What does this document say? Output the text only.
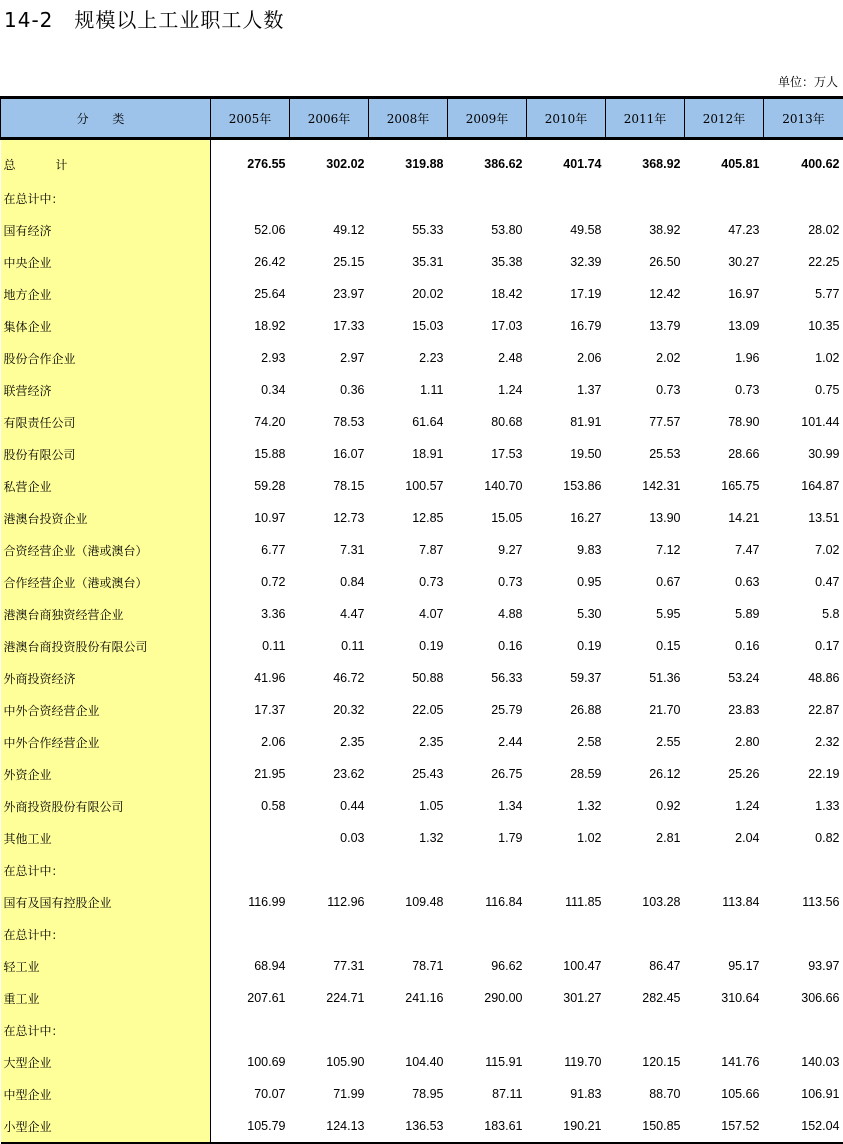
14-2　规模以上工业职工人数
单位：万人
分 类	2005年	2006年	2008年	2009年	2010年	2011年	2012年	2013年
总 计	276.55	302.02	319.88	386.62	401.74	368.92	405.81	400.62
在总计中：								
国有经济	52.06	49.12	55.33	53.80	49.58	38.92	47.23	28.02
中央企业	26.42	25.15	35.31	35.38	32.39	26.50	30.27	22.25
地方企业	25.64	23.97	20.02	18.42	17.19	12.42	16.97	5.77
集体企业	18.92	17.33	15.03	17.03	16.79	13.79	13.09	10.35
股份合作企业	2.93	2.97	2.23	2.48	2.06	2.02	1.96	1.02
联营经济	0.34	0.36	1.11	1.24	1.37	0.73	0.73	0.75
有限责任公司	74.20	78.53	61.64	80.68	81.91	77.57	78.90	101.44
股份有限公司	15.88	16.07	18.91	17.53	19.50	25.53	28.66	30.99
私营企业	59.28	78.15	100.57	140.70	153.86	142.31	165.75	164.87
港澳台投资企业	10.97	12.73	12.85	15.05	16.27	13.90	14.21	13.51
合资经营企业（港或澳台）	6.77	7.31	7.87	9.27	9.83	7.12	7.47	7.02
合作经营企业（港或澳台）	0.72	0.84	0.73	0.73	0.95	0.67	0.63	0.47
港澳台商独资经营企业	3.36	4.47	4.07	4.88	5.30	5.95	5.89	5.8
港澳台商投资股份有限公司	0.11	0.11	0.19	0.16	0.19	0.15	0.16	0.17
外商投资经济	41.96	46.72	50.88	56.33	59.37	51.36	53.24	48.86
中外合资经营企业	17.37	20.32	22.05	25.79	26.88	21.70	23.83	22.87
中外合作经营企业	2.06	2.35	2.35	2.44	2.58	2.55	2.80	2.32
外资企业	21.95	23.62	25.43	26.75	28.59	26.12	25.26	22.19
外商投资股份有限公司	0.58	0.44	1.05	1.34	1.32	0.92	1.24	1.33
其他工业		0.03	1.32	1.79	1.02	2.81	2.04	0.82
在总计中：								
国有及国有控股企业	116.99	112.96	109.48	116.84	111.85	103.28	113.84	113.56
在总计中：								
轻工业	68.94	77.31	78.71	96.62	100.47	86.47	95.17	93.97
重工业	207.61	224.71	241.16	290.00	301.27	282.45	310.64	306.66
在总计中：								
大型企业	100.69	105.90	104.40	115.91	119.70	120.15	141.76	140.03
中型企业	70.07	71.99	78.95	87.11	91.83	88.70	105.66	106.91
小型企业	105.79	124.13	136.53	183.61	190.21	150.85	157.52	152.04
